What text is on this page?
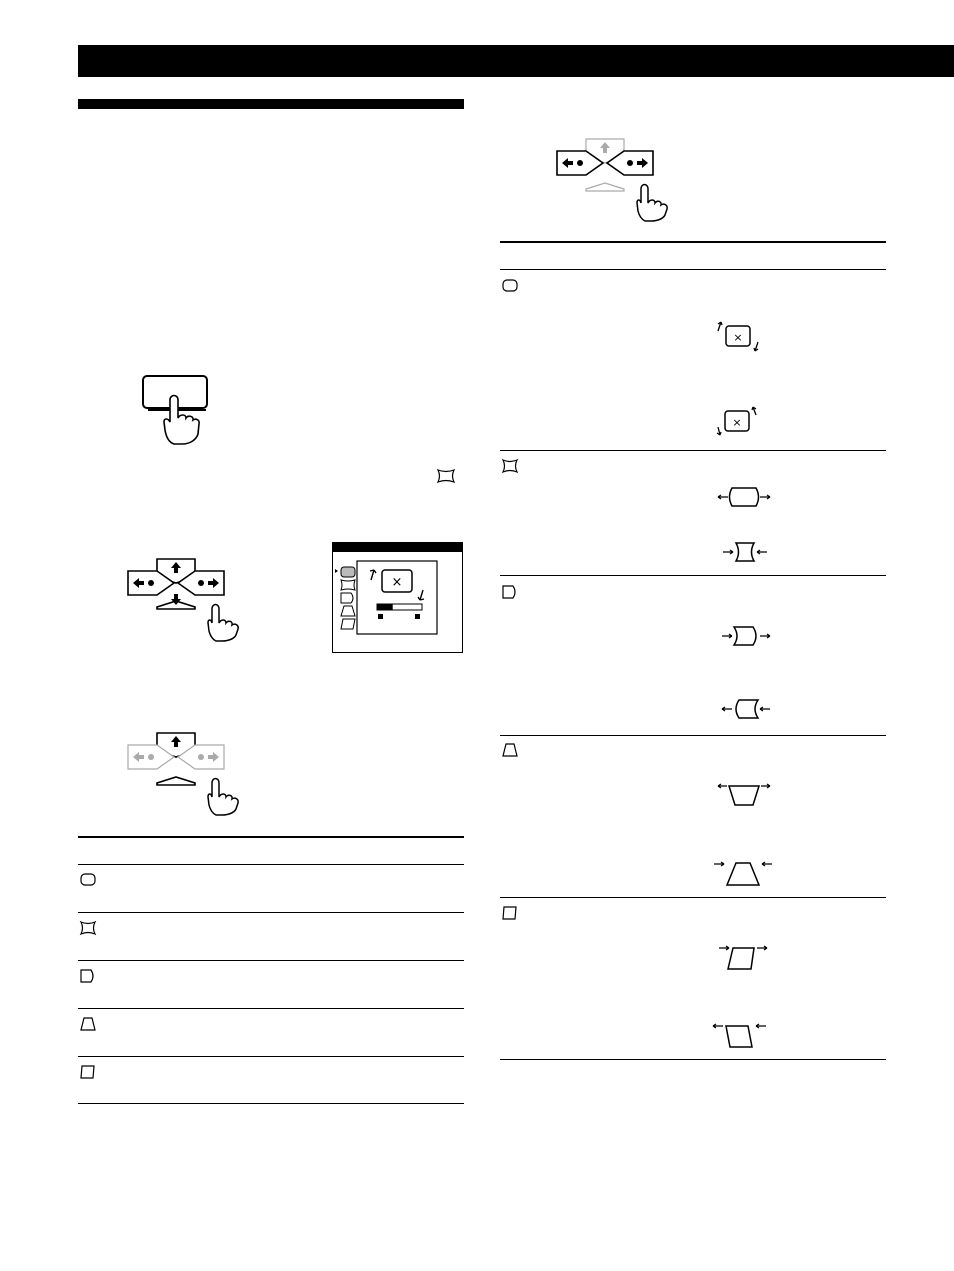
×
×
×
